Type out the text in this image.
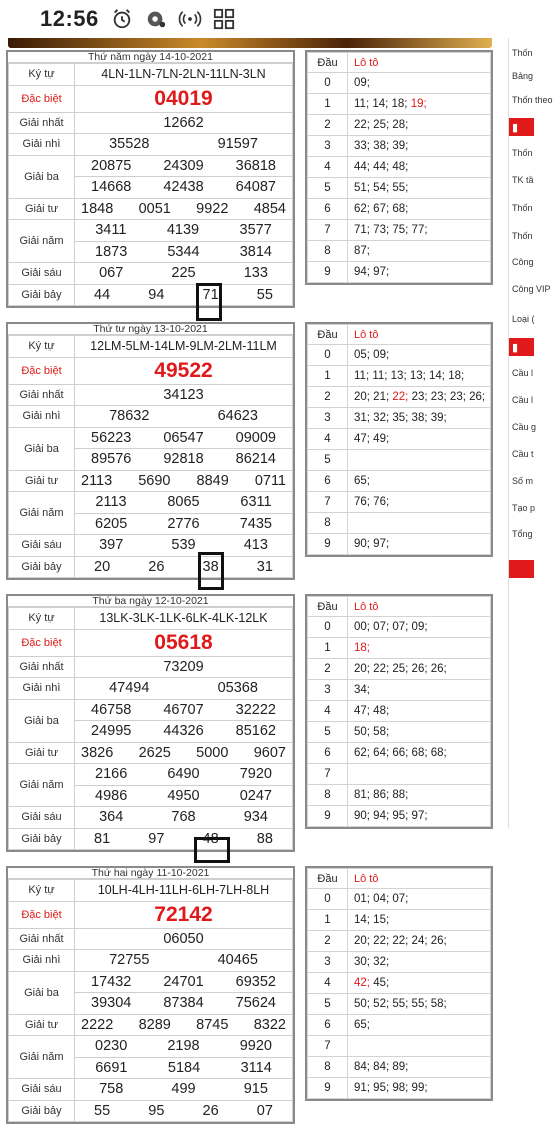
12:56
Thứ năm ngày 14-10-2021
Ký tự	4LN-1LN-7LN-2LN-11LN-3LN
Đặc biệt	04019
Giải nhất	12662
Giải nhì	35528 91597

Giải ba	20875 24309 36818

	14668 42438 64087

Giải tư	1848 0051 9922 4854

Giải năm	3411 4139 3577

	1873 5344 3814

Giải sáu	067 225 133

Giải bảy	44 94 71 55
Đầu	Lô tô
0	09;
1	11; 14; 18; 19;
2	22; 25; 28;
3	33; 38; 39;
4	44; 44; 48;
5	51; 54; 55;
6	62; 67; 68;
7	71; 73; 75; 77;
8	87;
9	94; 97;
Thứ tư ngày 13-10-2021
Ký tự	12LM-5LM-14LM-9LM-2LM-11LM
Đặc biệt	49522
Giải nhất	34123
Giải nhì	78632 64623

Giải ba	56223 06547 09009

	89576 92818 86214

Giải tư	2113 5690 8849 0711

Giải năm	2113 8065 6311

	6205 2776 7435

Giải sáu	397 539 413

Giải bảy	20 26 38 31
Đầu	Lô tô
0	05; 09;
1	11; 11; 13; 13; 14; 18;
2	20; 21; 22; 23; 23; 23; 26;
3	31; 32; 35; 38; 39;
4	47; 49;
5	
6	65;
7	76; 76;
8	
9	90; 97;
Thứ ba ngày 12-10-2021
Ký tự	13LK-3LK-1LK-6LK-4LK-12LK
Đặc biệt	05618
Giải nhất	73209
Giải nhì	47494 05368

Giải ba	46758 46707 32222

	24995 44326 85162

Giải tư	3826 2625 5000 9607

Giải năm	2166 6490 7920

	4986 4950 0247

Giải sáu	364 768 934

Giải bảy	81 97 48 88
Đầu	Lô tô
0	00; 07; 07; 09;
1	18;
2	20; 22; 25; 26; 26;
3	34;
4	47; 48;
5	50; 58;
6	62; 64; 66; 68; 68;
7	
8	81; 86; 88;
9	90; 94; 95; 97;
Thứ hai ngày 11-10-2021
Ký tự	10LH-4LH-11LH-6LH-7LH-8LH
Đặc biệt	72142
Giải nhất	06050
Giải nhì	72755 40465

Giải ba	17432 24701 69352

	39304 87384 75624

Giải tư	2222 8289 8745 8322

Giải năm	0230 2198 9920

	6691 5184 3114

Giải sáu	758 499 915

Giải bảy	55 95 26 07
Đầu	Lô tô
0	01; 04; 07;
1	14; 15;
2	20; 22; 22; 24; 26;
3	30; 32;
4	42; 45;
5	50; 52; 55; 55; 58;
6	65;
7	
8	84; 84; 89;
9	91; 95; 98; 99;
Thốn
Bảng
Thốn theo
▮
Thốn
TK tầ
Thốn
Thốn
Công
Công VIP
Loại (
▮
Cầu l
Cầu l
Cầu g
Cầu t
Số m
Tạo p
Tổng
